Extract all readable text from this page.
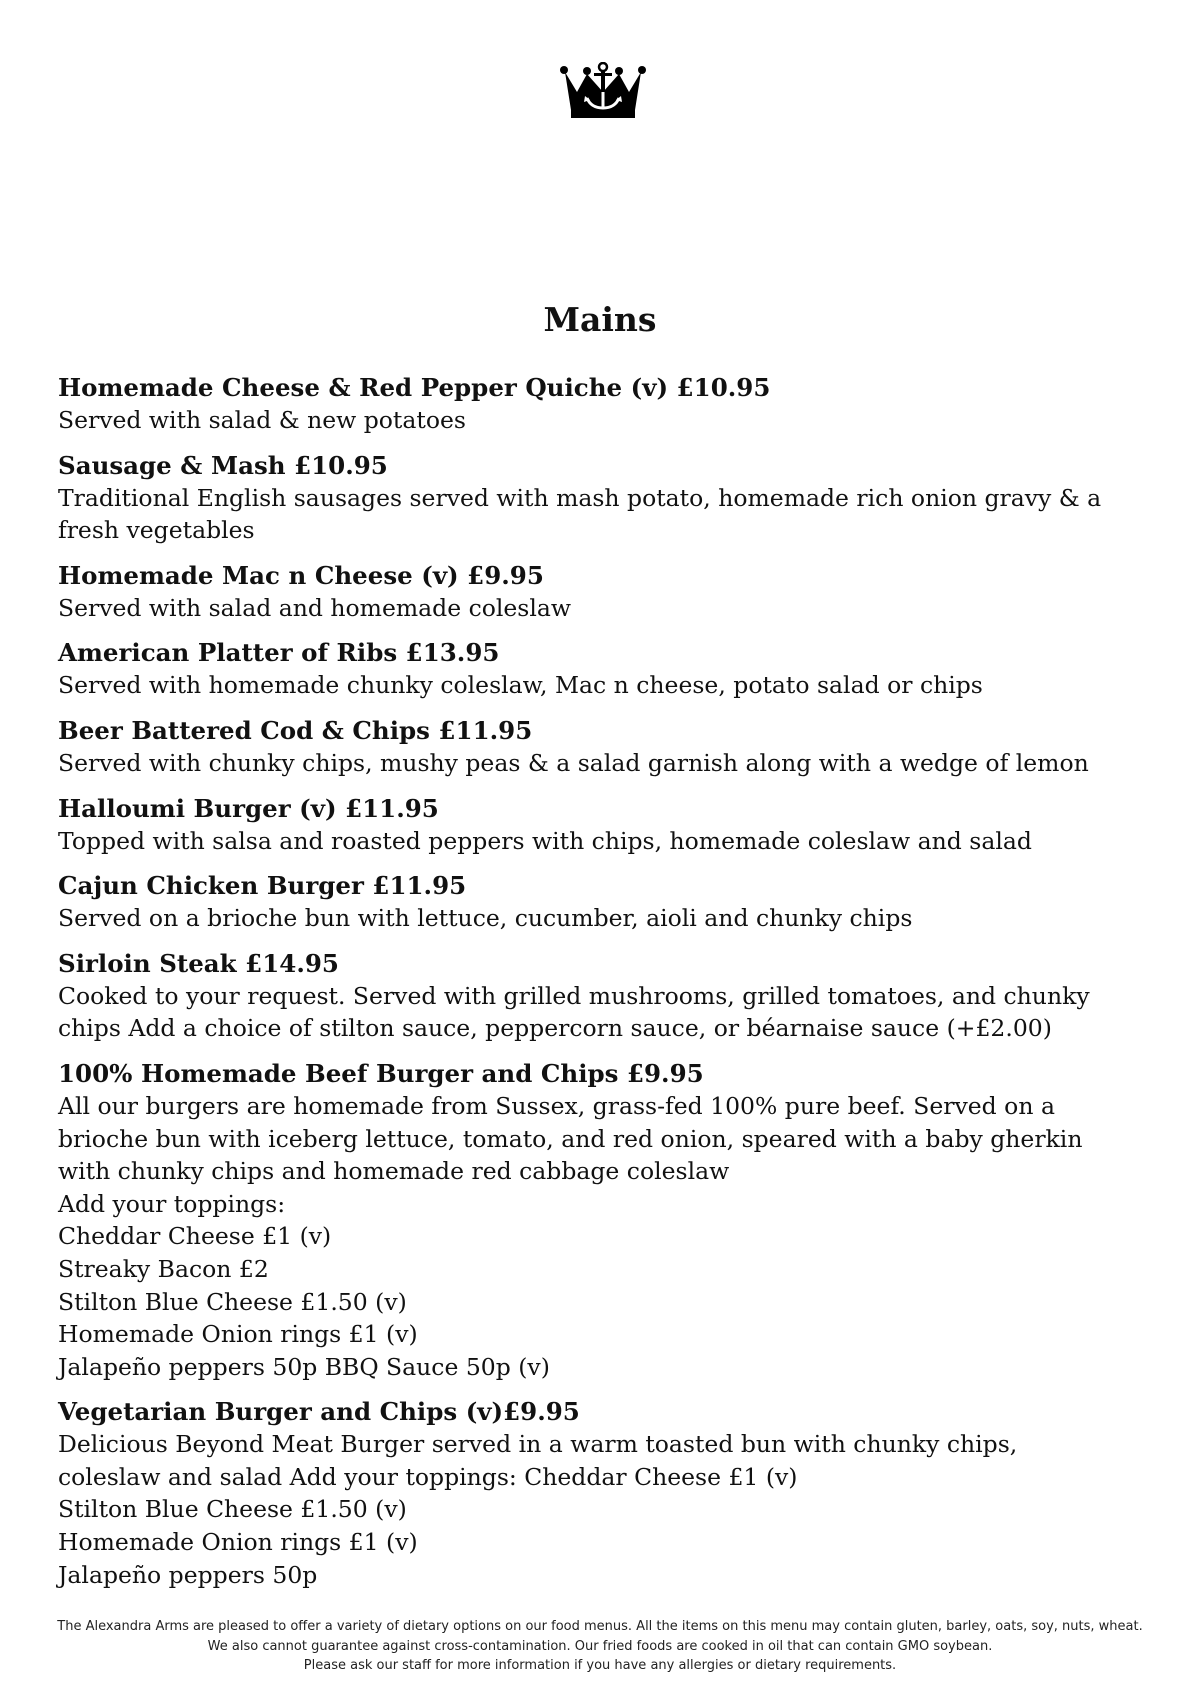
Mains
Homemade Cheese & Red Pepper Quiche (v) £10.95
Served with salad & new potatoes
Sausage & Mash £10.95
Traditional English sausages served with mash potato, homemade rich onion gravy & a
fresh vegetables
Homemade Mac n Cheese (v) £9.95
Served with salad and homemade coleslaw
American Platter of Ribs £13.95
Served with homemade chunky coleslaw, Mac n cheese, potato salad or chips
Beer Battered Cod & Chips £11.95
Served with chunky chips, mushy peas & a salad garnish along with a wedge of lemon
Halloumi Burger (v) £11.95
Topped with salsa and roasted peppers with chips, homemade coleslaw and salad
Cajun Chicken Burger £11.95
Served on a brioche bun with lettuce, cucumber, aioli and chunky chips
Sirloin Steak £14.95
Cooked to your request. Served with grilled mushrooms, grilled tomatoes, and chunky
chips Add a choice of stilton sauce, peppercorn sauce, or béarnaise sauce (+£2.00)
100% Homemade Beef Burger and Chips £9.95
All our burgers are homemade from Sussex, grass-fed 100% pure beef. Served on a
brioche bun with iceberg lettuce, tomato, and red onion, speared with a baby gherkin
with chunky chips and homemade red cabbage coleslaw
Add your toppings:
Cheddar Cheese £1 (v)
Streaky Bacon £2
Stilton Blue Cheese £1.50 (v)
Homemade Onion rings £1 (v)
Jalapeño peppers 50p BBQ Sauce 50p (v)
Vegetarian Burger and Chips (v)£9.95
Delicious Beyond Meat Burger served in a warm toasted bun with chunky chips,
coleslaw and salad Add your toppings: Cheddar Cheese £1 (v)
Stilton Blue Cheese £1.50 (v)
Homemade Onion rings £1 (v)
Jalapeño peppers 50p
The Alexandra Arms are pleased to offer a variety of dietary options on our food menus. All the items on this menu may contain gluten, barley, oats, soy, nuts, wheat.
We also cannot guarantee against cross-contamination. Our fried foods are cooked in oil that can contain GMO soybean.
Please ask our staff for more information if you have any allergies or dietary requirements.
